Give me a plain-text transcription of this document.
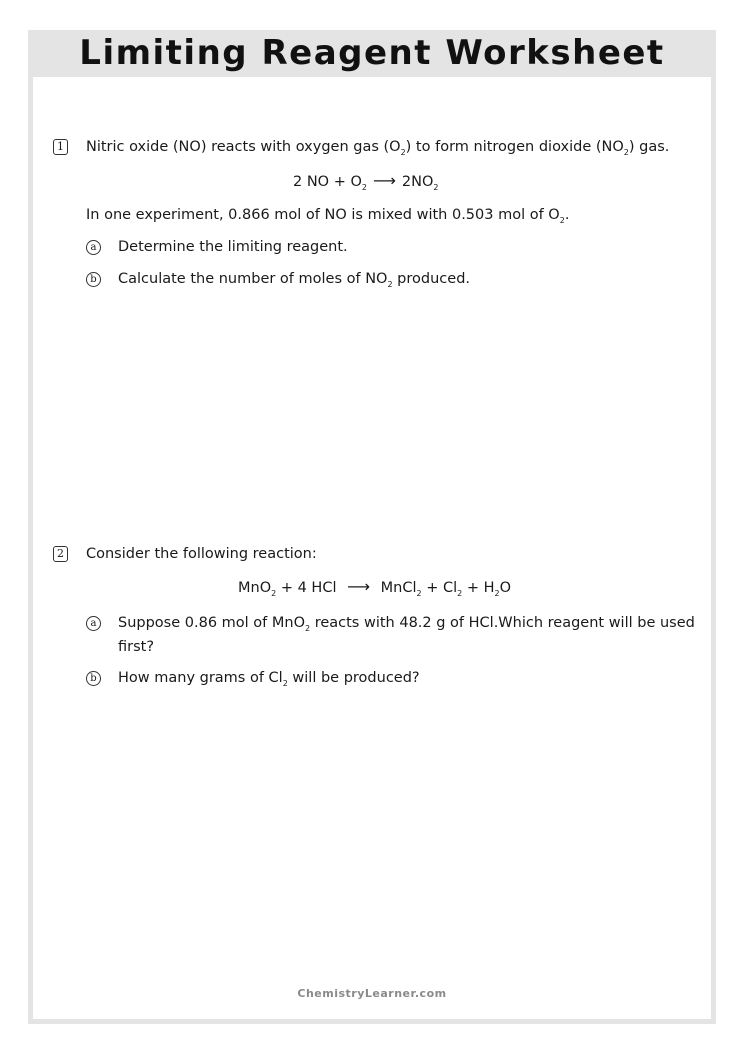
Limiting Reagent Worksheet
1 Nitric oxide (NO) reacts with oxygen gas $(O_2)$ to form nitrogen dioxide $(NO_2)$ gas.
2 NO + $O_2$ ⟶ $2NO_2$
In one experiment, 0.866 mol of NO is mixed with 0.503 mol of $O_2$.
a	Determine the limiting reagent.
b Calculate the number of moles of $NO_2$ produced.
2 Consider the following reaction:
MnO$_2$ + 4 HCl ⟶ MnCl$_2$ + $Cl_2 + H_2O$
a	Suppose 0.86 mol of MnO$_2$ reacts with 48.2 g of HCl.Which reagent will be used first?
b How many grams of $Cl_2$ will be produced?
ChemistryLearner.com
